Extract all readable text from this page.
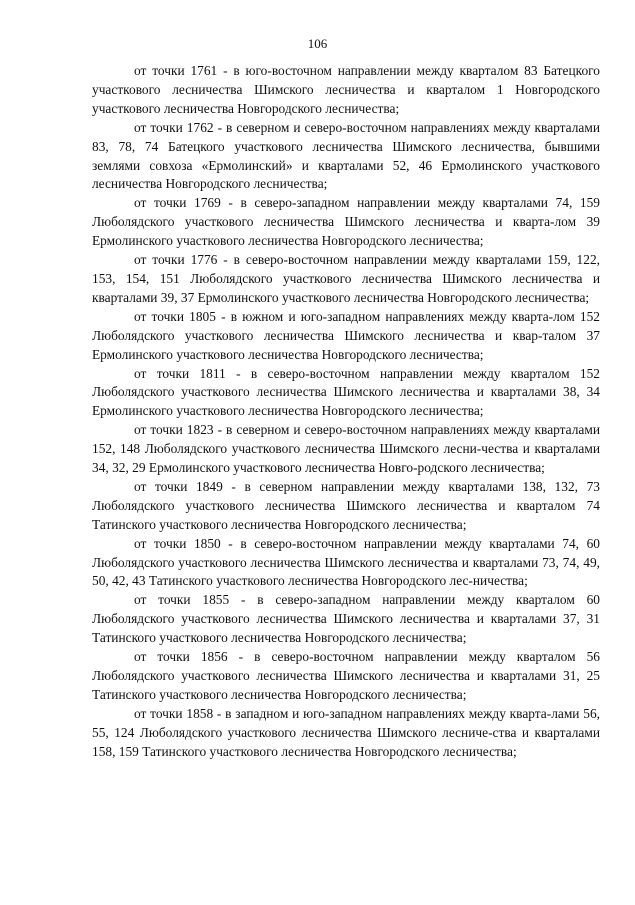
106

от точки 1761 - в юго-восточном направлении между кварталом 83 Батецкого участкового лесничества Шимского лесничества и кварталом 1 Новгородского участкового лесничества Новгородского лесничества;

от точки 1762 - в северном и северо-восточном направлениях между кварталами 83, 78, 74 Батецкого участкового лесничества Шимского лесничества, бывшими землями совхоза «Ермолинский» и кварталами 52, 46 Ермолинского участкового лесничества Новгородского лесничества;

от точки 1769 - в северо-западном направлении между кварталами 74, 159 Люболядского участкового лесничества Шимского лесничества и кварта-лом 39 Ермолинского участкового лесничества Новгородского лесничества;

от точки 1776 - в северо-восточном направлении между кварталами 159, 122, 153, 154, 151 Люболядского участкового лесничества Шимского лесничества и кварталами 39, 37 Ермолинского участкового лесничества Новгородского лесничества;

от точки 1805 - в южном и юго-западном направлениях между кварта-лом 152 Люболядского участкового лесничества Шимского лесничества и квар-талом 37 Ермолинского участкового лесничества Новгородского лесничества;

от точки 1811 - в северо-восточном направлении между кварталом 152 Люболядского участкового лесничества Шимского лесничества и кварталами 38, 34 Ермолинского участкового лесничества Новгородского лесничества;

от точки 1823 - в северном и северо-восточном направлениях между кварталами 152, 148 Люболядского участкового лесничества Шимского лесни-чества и кварталами 34, 32, 29 Ермолинского участкового лесничества Новго-родского лесничества;

от точки 1849 - в северном направлении между кварталами 138, 132, 73 Люболядского участкового лесничества Шимского лесничества и кварталом 74 Татинского участкового лесничества Новгородского лесничества;

от точки 1850 - в северо-восточном направлении между кварталами 74, 60 Люболядского участкового лесничества Шимского лесничества и кварталами 73, 74, 49, 50, 42, 43 Татинского участкового лесничества Новгородского лес-ничества;

от точки 1855 - в северо-западном направлении между кварталом 60 Люболядского участкового лесничества Шимского лесничества и кварталами 37, 31 Татинского участкового лесничества Новгородского лесничества;

от точки 1856 - в северо-восточном направлении между кварталом 56 Люболядского участкового лесничества Шимского лесничества и кварталами 31, 25 Татинского участкового лесничества Новгородского лесничества;

от точки 1858 - в западном и юго-западном направлениях между кварта-лами 56, 55, 124 Люболядского участкового лесничества Шимского лесниче-ства и кварталами 158, 159 Татинского участкового лесничества Новгородского лесничества;
